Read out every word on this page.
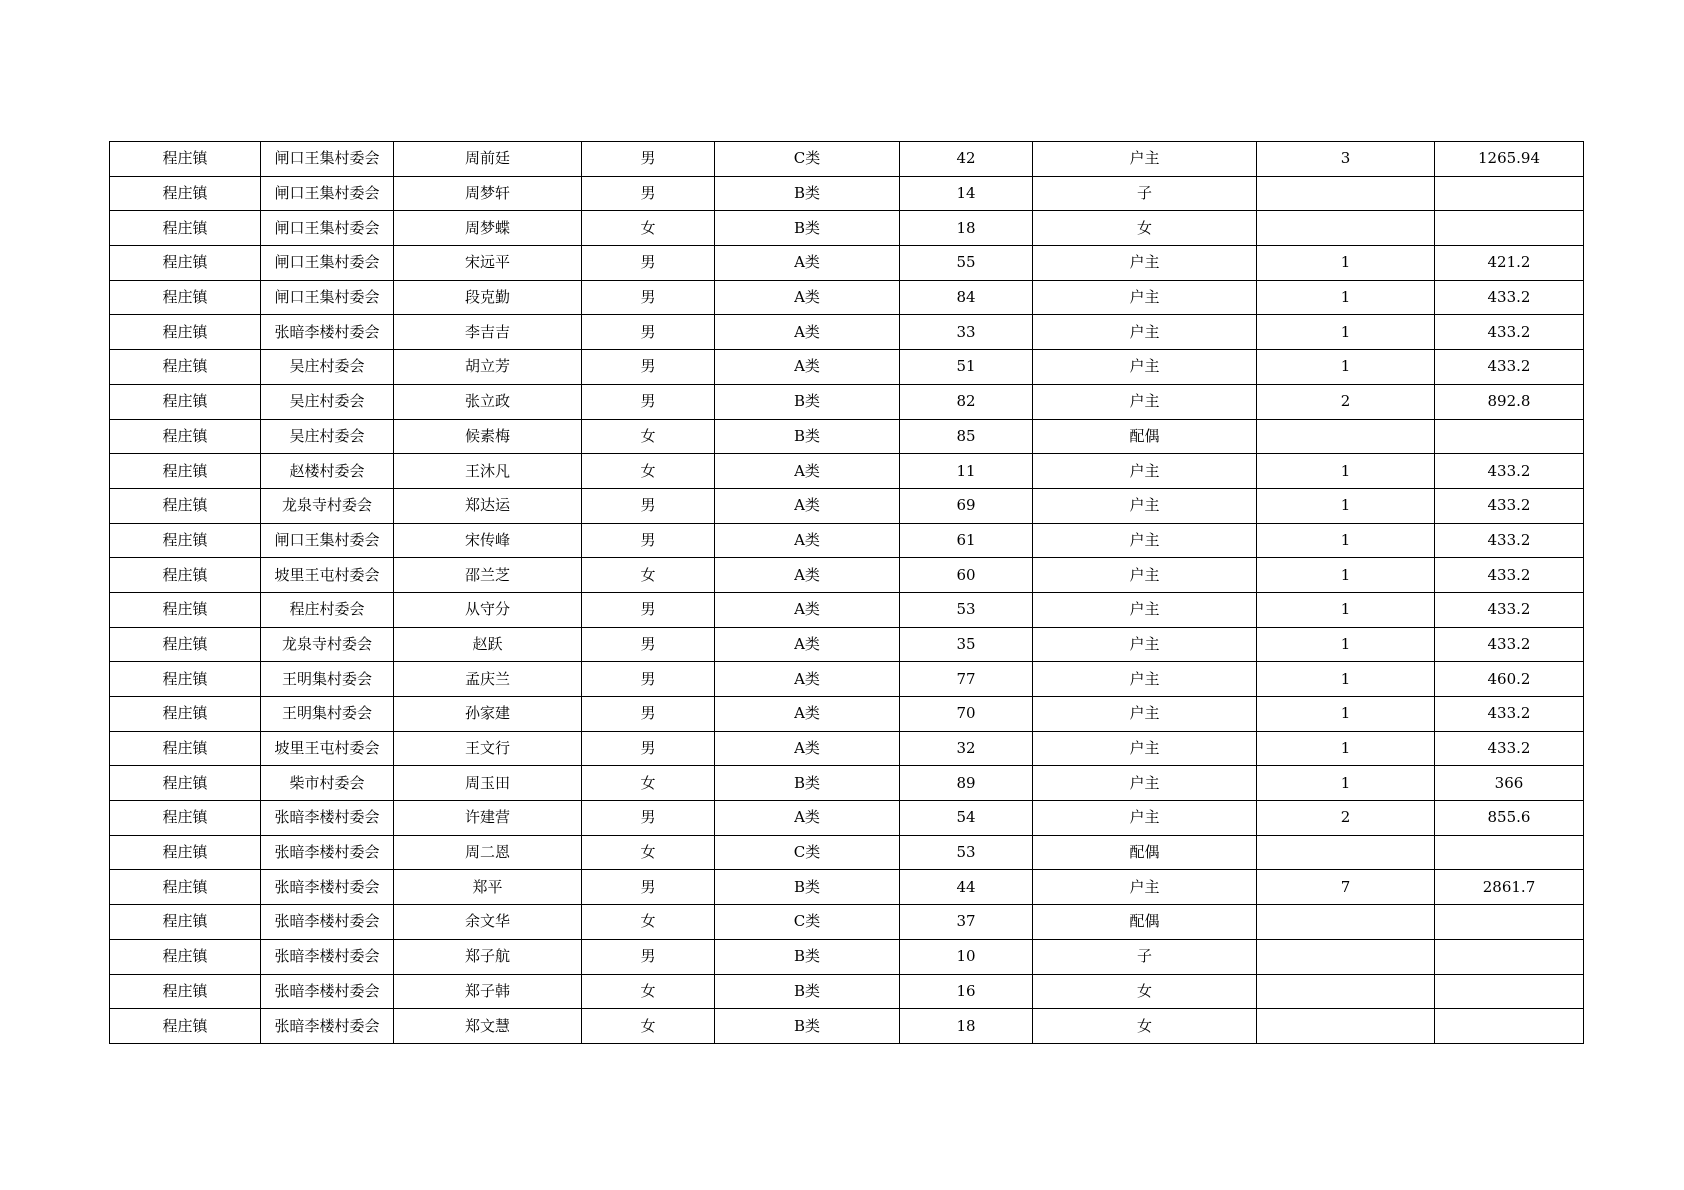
程庄镇	闸口王集村委会	周前廷	男	C类	42	户主	3	1265.94
程庄镇	闸口王集村委会	周梦轩	男	B类	14	子		
程庄镇	闸口王集村委会	周梦蝶	女	B类	18	女		
程庄镇	闸口王集村委会	宋远平	男	A类	55	户主	1	421.2
程庄镇	闸口王集村委会	段克勤	男	A类	84	户主	1	433.2
程庄镇	张暗李楼村委会	李吉吉	男	A类	33	户主	1	433.2
程庄镇	吴庄村委会	胡立芳	男	A类	51	户主	1	433.2
程庄镇	吴庄村委会	张立政	男	B类	82	户主	2	892.8
程庄镇	吴庄村委会	候素梅	女	B类	85	配偶		
程庄镇	赵楼村委会	王沐凡	女	A类	11	户主	1	433.2
程庄镇	龙泉寺村委会	郑达运	男	A类	69	户主	1	433.2
程庄镇	闸口王集村委会	宋传峰	男	A类	61	户主	1	433.2
程庄镇	坡里王屯村委会	邵兰芝	女	A类	60	户主	1	433.2
程庄镇	程庄村委会	从守分	男	A类	53	户主	1	433.2
程庄镇	龙泉寺村委会	赵跃	男	A类	35	户主	1	433.2
程庄镇	王明集村委会	孟庆兰	男	A类	77	户主	1	460.2
程庄镇	王明集村委会	孙家建	男	A类	70	户主	1	433.2
程庄镇	坡里王屯村委会	王文行	男	A类	32	户主	1	433.2
程庄镇	柴市村委会	周玉田	女	B类	89	户主	1	366
程庄镇	张暗李楼村委会	许建营	男	A类	54	户主	2	855.6
程庄镇	张暗李楼村委会	周二恩	女	C类	53	配偶		
程庄镇	张暗李楼村委会	郑平	男	B类	44	户主	7	2861.7
程庄镇	张暗李楼村委会	余文华	女	C类	37	配偶		
程庄镇	张暗李楼村委会	郑子航	男	B类	10	子		
程庄镇	张暗李楼村委会	郑子韩	女	B类	16	女		
程庄镇	张暗李楼村委会	郑文慧	女	B类	18	女		
